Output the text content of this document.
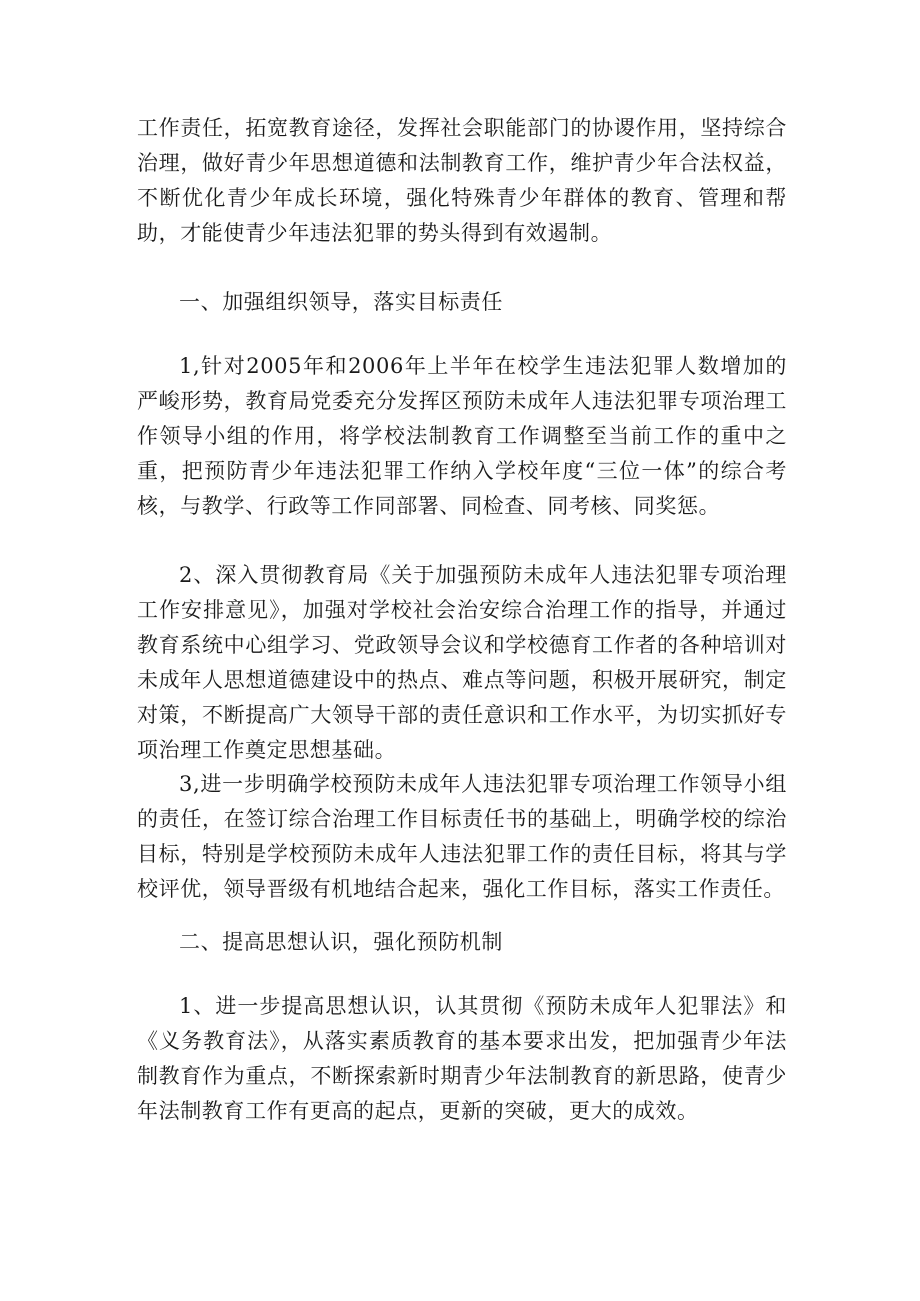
工作责任，拓宽教育途径，发挥社会职能部门的协谡作用，坚持综合治理，做好青少年思想道德和法制教育工作，维护青少年合法权益，不断优化青少年成长环境，强化特殊青少年群体的教育、管理和帮助，才能使青少年违法犯罪的势头得到有效遏制。

一、加强组织领导，落实目标责任

1,针对2005年和2006年上半年在校学生违法犯罪人数增加的严峻形势，教育局党委充分发挥区预防未成年人违法犯罪专项治理工作领导小组的作用，将学校法制教育工作调整至当前工作的重中之重，把预防青少年违法犯罪工作纳入学校年度“三位一体”的综合考核，与教学、行政等工作同部署、同检查、同考核、同奖惩。

2、深入贯彻教育局《关于加强预防未成年人违法犯罪专项治理工作安排意见》，加强对学校社会治安综合治理工作的指导，并通过教育系统中心组学习、党政领导会议和学校德育工作者的各种培训对未成年人思想道德建设中的热点、难点等问题，积极开展研究，制定对策，不断提高广大领导干部的责任意识和工作水平，为切实抓好专项治理工作奠定思想基础。

3,进一步明确学校预防未成年人违法犯罪专项治理工作领导小组的责任，在签订综合治理工作目标责任书的基础上，明确学校的综治目标，特别是学校预防未成年人违法犯罪工作的责任目标，将其与学校评优，领导晋级有机地结合起来，强化工作目标，落实工作责任。

二、提高思想认识，强化预防机制

1、进一步提高思想认识，认其贯彻《预防未成年人犯罪法》和《义务教育法》，从落实素质教育的基本要求出发，把加强青少年法制教育作为重点，不断探索新时期青少年法制教育的新思路，使青少年法制教育工作有更高的起点，更新的突破，更大的成效。
